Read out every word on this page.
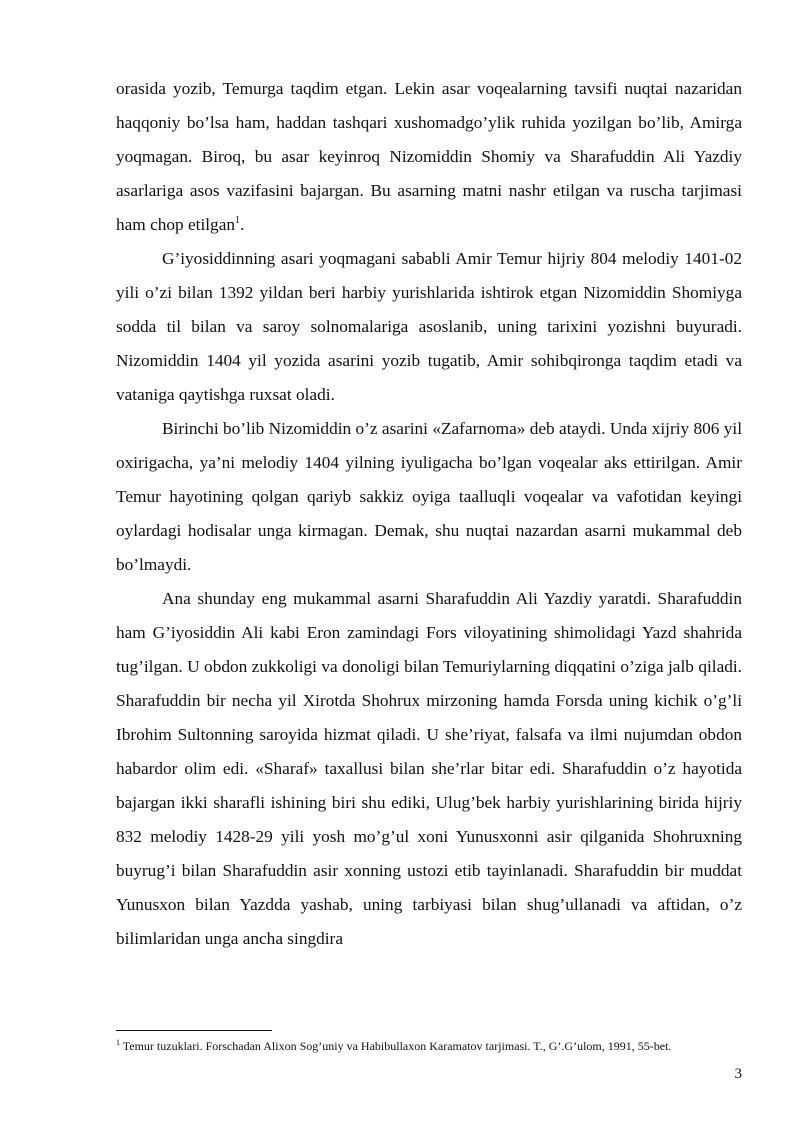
orasida yozib, Temurga taqdim etgan. Lekin asar voqealarning tavsifi nuqtai nazaridan haqqoniy bo’lsa ham, haddan tashqari xushomadgo’ylik ruhida yozilgan bo’lib, Amirga yoqmagan. Biroq, bu asar keyinroq Nizomiddin Shomiy va Sharafuddin Ali Yazdiy asarlariga asos vazifasini bajargan. Bu asarning matni nashr etilgan va ruscha tarjimasi ham chop etilgan$^1$.

G’iyosiddinning asari yoqmagani sababli Amir Temur hijriy 804 melodiy 1401-02 yili o’zi bilan 1392 yildan beri harbiy yurishlarida ishtirok etgan Nizomiddin Shomiyga sodda til bilan va saroy solnomalariga asoslanib, uning tarixini yozishni buyuradi. Nizomiddin 1404 yil yozida asarini yozib tugatib, Amir sohibqironga taqdim etadi va vataniga qaytishga ruxsat oladi.

Birinchi bo’lib Nizomiddin o’z asarini «Zafarnoma» deb ataydi. Unda xijriy 806 yil oxirigacha, ya’ni melodiy 1404 yilning iyuligacha bo’lgan voqealar aks ettirilgan. Amir Temur hayotining qolgan qariyb sakkiz oyiga taalluqli voqealar va vafotidan keyingi oylardagi hodisalar unga kirmagan. Demak, shu nuqtai nazardan asarni mukammal deb bo’lmaydi.

Ana shunday eng mukammal asarni Sharafuddin Ali Yazdiy yaratdi. Sharafuddin ham G’iyosiddin Ali kabi Eron zamindagi Fors viloyatining shimolidagi Yazd shahrida tug’ilgan. U obdon zukkoligi va donoligi bilan Temuriylarning diqqatini o’ziga jalb qiladi. Sharafuddin bir necha yil Xirotda Shohrux mirzoning hamda Forsda uning kichik o’g’li Ibrohim Sultonning saroyida hizmat qiladi. U she’riyat, falsafa va ilmi nujumdan obdon habardor olim edi. «Sharaf» taxallusi bilan she’rlar bitar edi. Sharafuddin o’z hayotida bajargan ikki sharafli ishining biri shu ediki, Ulug’bek harbiy yurishlarining birida hijriy 832 melodiy 1428-29 yili yosh mo’g’ul xoni Yunusxonni asir qilganida Shohruxning buyrug’i bilan Sharafuddin asir xonning ustozi etib tayinlanadi. Sharafuddin bir muddat Yunusxon bilan Yazdda yashab, uning tarbiyasi bilan shug’ullanadi va aftidan, o’z bilimlaridan unga ancha singdira

$^1$ Temur tuzuklari. Forschadan Alixon Sog’uniy va Habibullaxon Karamatov tarjimasi. T., G’.G’ulom, 1991, 55-bet.
3
